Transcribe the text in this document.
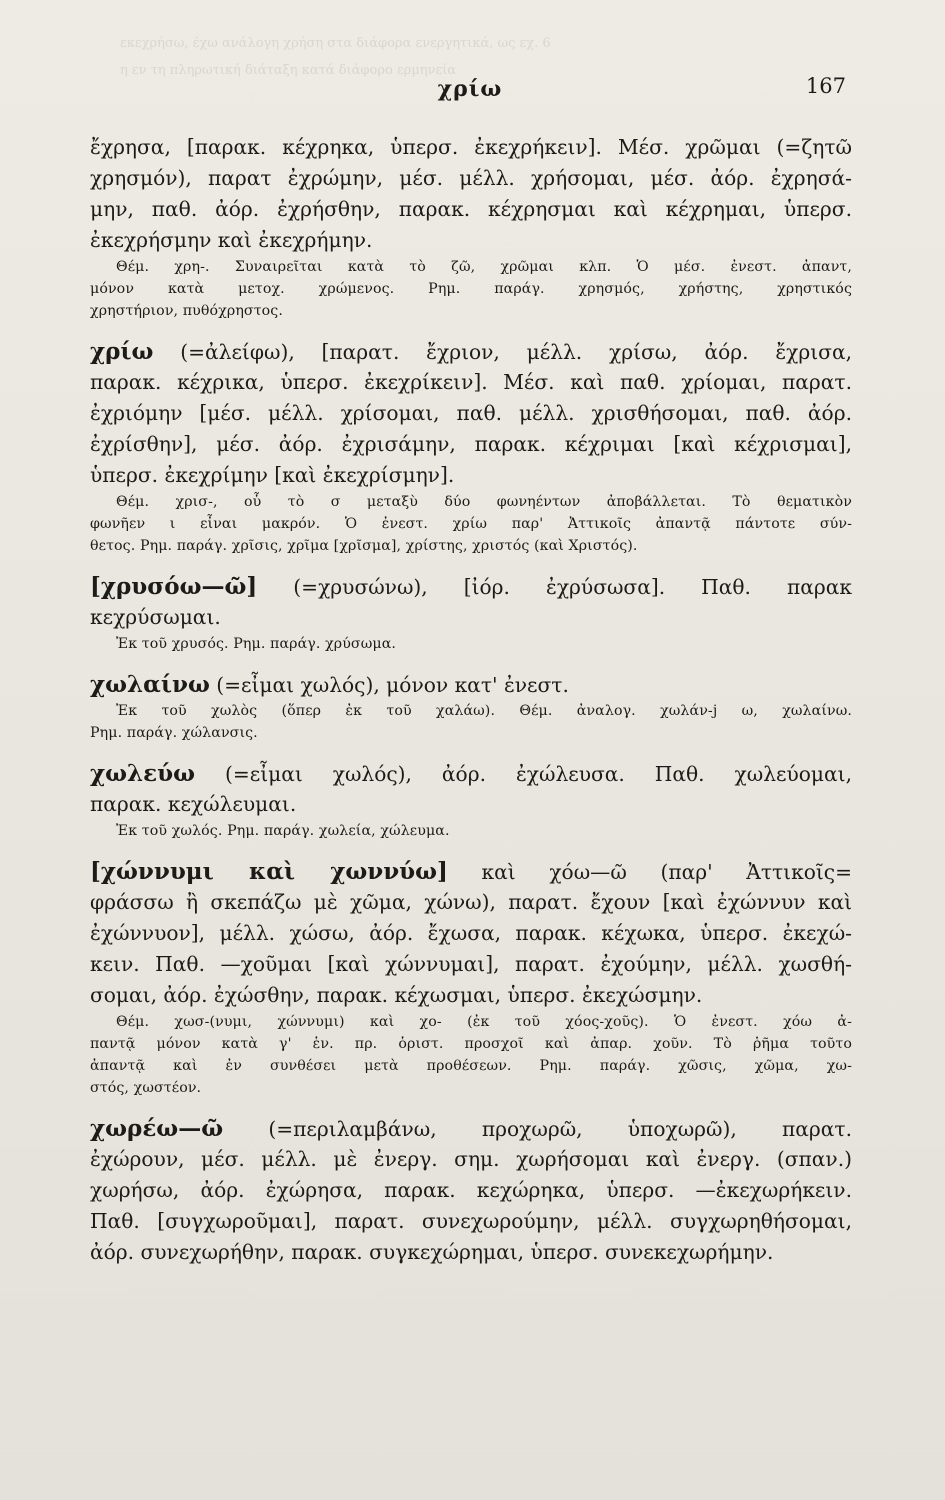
εκεχρήσω, έχω ανάλογη χρήση στα διάφορα ενεργητικά, ως εχ. 6
η εν τη πληρωτική διάταξη κατά διάφορο ερμηνεία
χρίω	167
ἔχρησα, [παρακ. κέχρηκα, ὑπερσ. ἐκεχρήκειν]. Μέσ. χρῶμαι (=ζητῶ
χρησμόν), παρατ ἐχρώμην, μέσ. μέλλ. χρήσομαι, μέσ. ἀόρ. ἐχρησά-
μην, παθ. ἀόρ. ἐχρήσθην, παρακ. κέχρησμαι καὶ κέχρημαι, ὑπερσ.
ἐκεχρήσμην καὶ ἐκεχρήμην.
Θέμ. χρη-. Συναιρεῖται κατὰ τὸ ζῶ, χρῶμαι κλπ. Ὁ μέσ. ἐνεστ. ἀπαντ,
μόνον κατὰ μετοχ. χρώμενος. Ρημ. παράγ. χρησμός, χρήστης, χρηστικός
χρηστήριον, πυθόχρηστος.
χρίω (=ἀλείφω), [παρατ. ἔχριον, μέλλ. χρίσω, ἀόρ. ἔχρισα,
παρακ. κέχρικα, ὑπερσ. ἐκεχρίκειν]. Μέσ. καὶ παθ. χρίομαι, παρατ.
ἐχριόμην [μέσ. μέλλ. χρίσομαι, παθ. μέλλ. χρισθήσομαι, παθ. ἀόρ.
ἐχρίσθην], μέσ. ἀόρ. ἐχρισάμην, παρακ. κέχριμαι [καὶ κέχρισμαι],
ὑπερσ. ἐκεχρίμην [καὶ ἐκεχρίσμην].
Θέμ. χρισ-, οὗ τὸ σ μεταξὺ δύο φωνηέντων ἀποβάλλεται. Τὸ θεματικὸν
φωνῆεν ι εἶναι μακρόν. Ὁ ἐνεστ. χρίω παρ' Ἀττικοῖς ἀπαντᾷ πάντοτε σύν-
θετος. Ρημ. παράγ. χρῖσις, χρῖμα [χρῖσμα], χρίστης, χριστός (καὶ Χριστός).
[χρυσόω—ῶ] (=χρυσώνω), [ἰόρ. ἐχρύσωσα]. Παθ. παρακ
κεχρύσωμαι.
Ἐκ τοῦ χρυσός. Ρημ. παράγ. χρύσωμα.
χωλαίνω (=εἶμαι χωλός), μόνον κατ' ἐνεστ.
Ἐκ τοῦ χωλὸς (ὅπερ ἐκ τοῦ χαλάω). Θέμ. ἀναλογ. χωλάν-j ω, χωλαίνω.
Ρημ. παράγ. χώλανσις.
χωλεύω (=εἶμαι χωλός), ἀόρ. ἐχώλευσα. Παθ. χωλεύομαι,
παρακ. κεχώλευμαι.
Ἐκ τοῦ χωλός. Ρημ. παράγ. χωλεία, χώλευμα.
[χώννυμι καὶ χωννύω] καὶ χόω—ῶ (παρ' Ἀττικοῖς=
φράσσω ἢ σκεπάζω μὲ χῶμα, χώνω), παρατ. ἔχουν [καὶ ἐχώννυν καὶ
ἐχώννυον], μέλλ. χώσω, ἀόρ. ἔχωσα, παρακ. κέχωκα, ὑπερσ. ἐκεχώ-
κειν. Παθ. —χοῦμαι [καὶ χώννυμαι], παρατ. ἐχούμην, μέλλ. χωσθή-
σομαι, ἀόρ. ἐχώσθην, παρακ. κέχωσμαι, ὑπερσ. ἐκεχώσμην.
Θέμ. χωσ-(νυμι, χώννυμι) καὶ χο- (ἐκ τοῦ χόος-χοῦς). Ὁ ἐνεστ. χόω ἀ-
παντᾷ μόνον κατὰ γ' ἑν. πρ. ὁριστ. προσχοῖ καὶ ἀπαρ. χοῦν. Τὸ ῥῆμα τοῦτο
ἀπαντᾷ καὶ ἐν συνθέσει μετὰ προθέσεων. Ρημ. παράγ. χῶσις, χῶμα, χω-
στός, χωστέον.
χωρέω—ῶ (=περιλαμβάνω, προχωρῶ, ὑποχωρῶ), παρατ.
ἐχώρουν, μέσ. μέλλ. μὲ ἐνεργ. σημ. χωρήσομαι καὶ ἐνεργ. (σπαν.)
χωρήσω, ἀόρ. ἐχώρησα, παρακ. κεχώρηκα, ὑπερσ. —ἐκεχωρήκειν.
Παθ. [συγχωροῦμαι], παρατ. συνεχωρούμην, μέλλ. συγχωρηθήσομαι,
ἀόρ. συνεχωρήθην, παρακ. συγκεχώρημαι, ὑπερσ. συνεκεχωρήμην.
